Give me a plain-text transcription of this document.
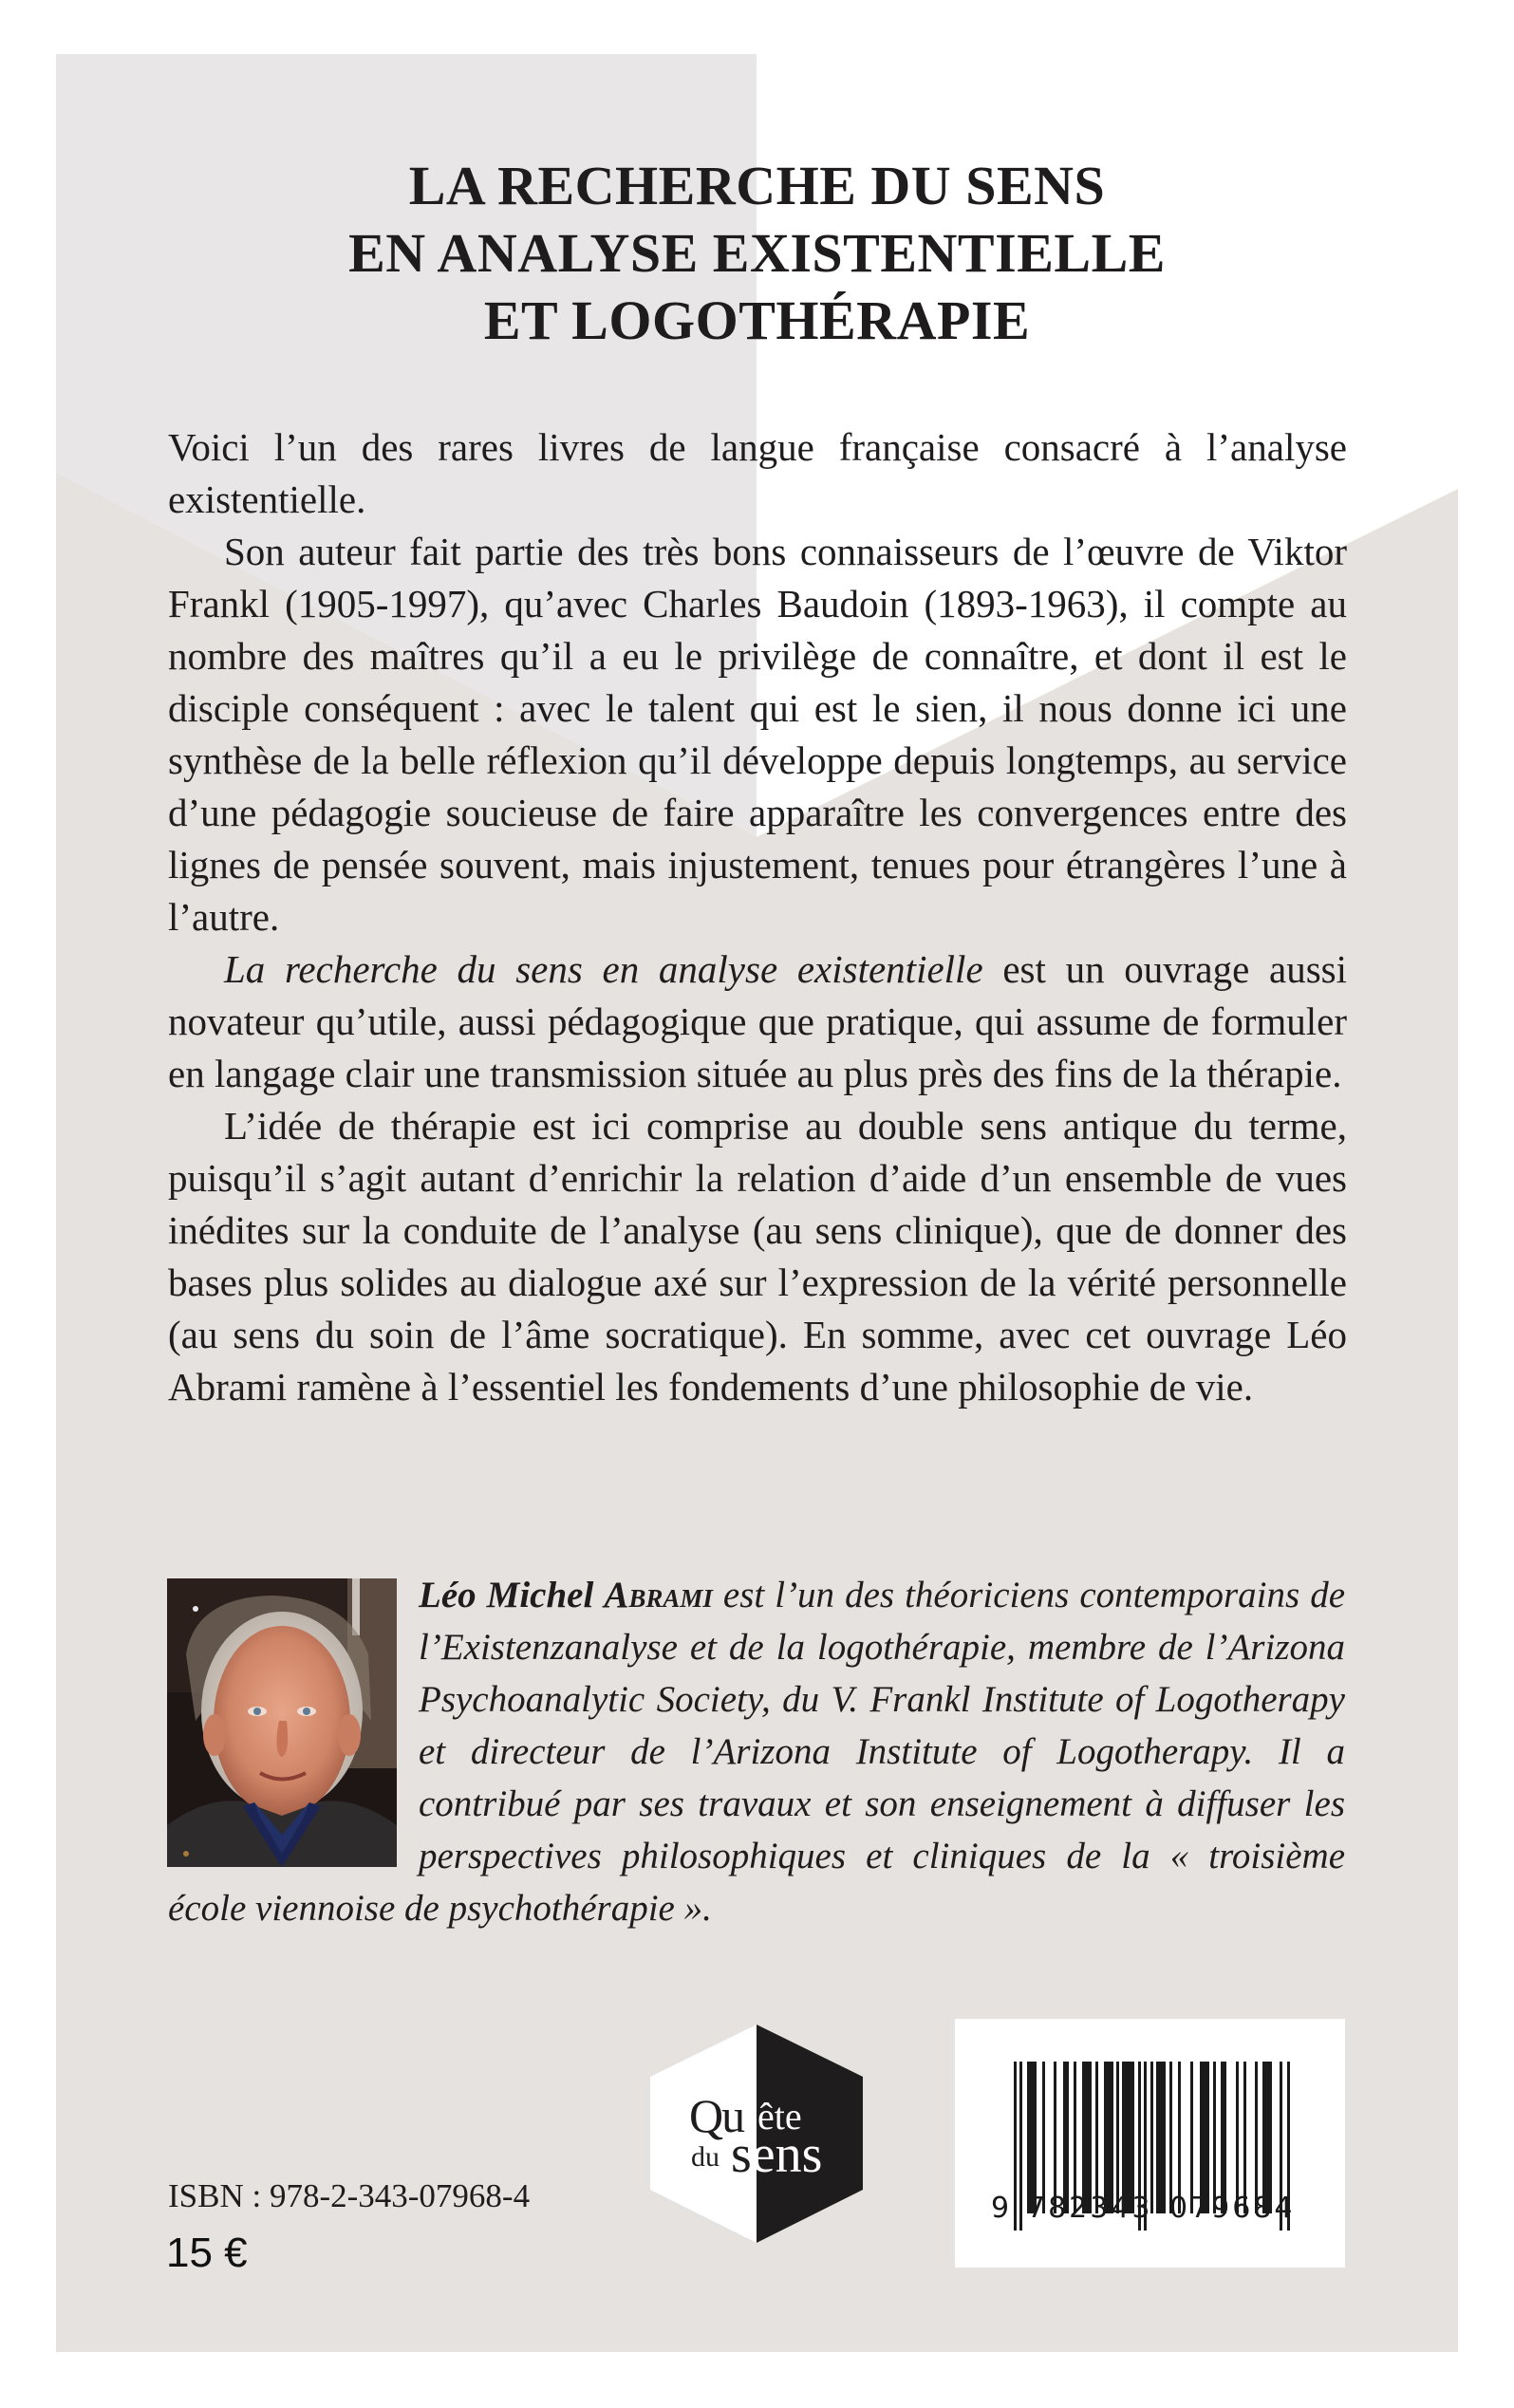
LA RECHERCHE DU SENS
EN ANALYSE EXISTENTIELLE
ET LOGOTHÉRAPIE

Voici l’un des rares livres de langue française consacré à l’analyse existentielle.

Son auteur fait partie des très bons connaisseurs de l’œuvre de Viktor Frankl (1905-1997), qu’avec Charles Baudoin (1893-1963), il compte au nombre des maîtres qu’il a eu le privilège de connaître, et dont il est le disciple conséquent : avec le talent qui est le sien, il nous donne ici une synthèse de la belle réflexion qu’il développe depuis longtemps, au service d’une pédagogie soucieuse de faire apparaître les convergences entre des lignes de pensée souvent, mais injustement, tenues pour étrangères l’une à l’autre.

La recherche du sens en analyse existentielle est un ouvrage aussi novateur qu’utile, aussi pédagogique que pratique, qui assume de formuler en langage clair une transmission située au plus près des fins de la thérapie.

L’idée de thérapie est ici comprise au double sens antique du terme, puisqu’il s’agit autant d’enrichir la relation d’aide d’un ensemble de vues inédites sur la conduite de l’analyse (au sens clinique), que de donner des bases plus solides au dialogue axé sur l’expression de la vérité personnelle (au sens du soin de l’âme socratique). En somme, avec cet ouvrage Léo Abrami ramène à l’essentiel les fondements d’une philosophie de vie.

Léo Michel Abrami est l’un des théoriciens contemporains de l’Existenzanalyse et de la logothérapie, membre de l’Arizona Psychoanalytic Society, du V. Frankl Institute of Logotherapy et directeur de l’Arizona Institute of Logotherapy. Il a contribué par ses travaux et son enseignement à diffuser les perspectives philosophiques et cliniques de la « troisième école viennoise de psychothérapie ».
Qu ête
du sens
ISBN : 978-2-343-07968-4
15 €
9 782343 079684
